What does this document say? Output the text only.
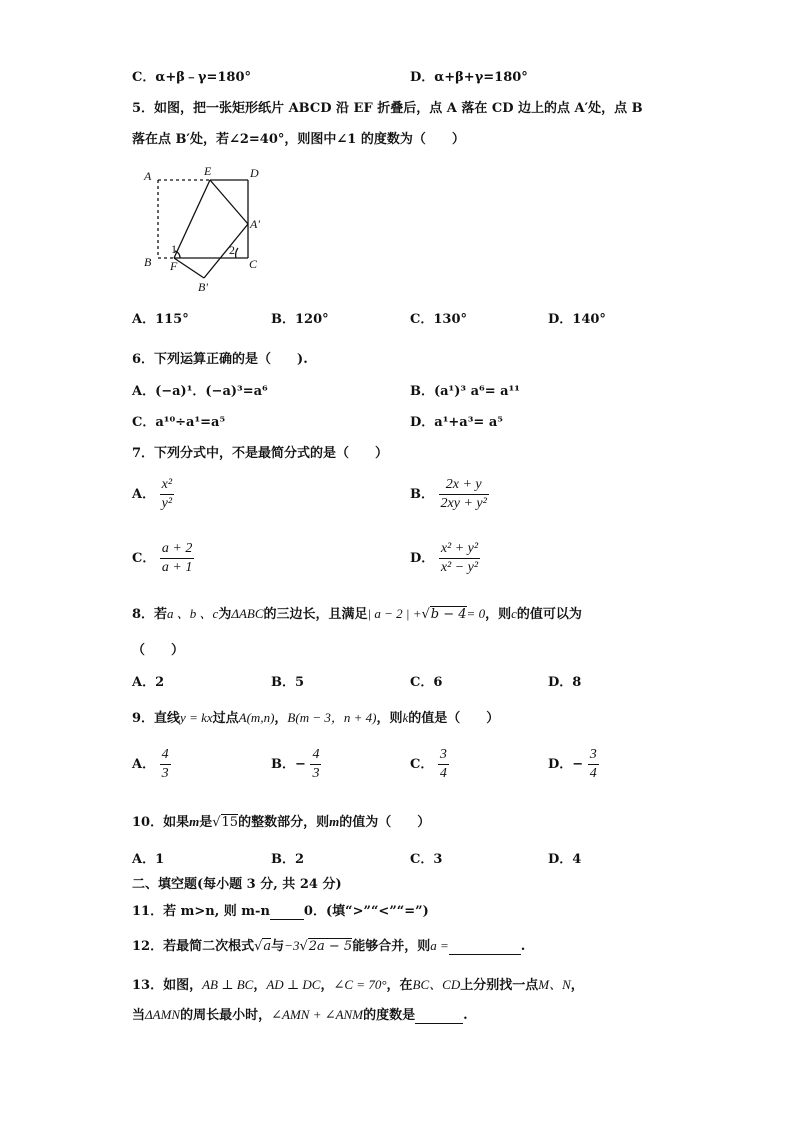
C．α+β﹣γ=180°	D．α+β+γ=180°
5．如图，把一张矩形纸片 ABCD 沿 EF 折叠后，点 A 落在 CD 边上的点 A′处，点 B
落在点 B′处，若∠2=40°，则图中∠1 的度数为（　　）
A	E	D
A'
B F	C
B'
1	2
A．115°	B．120°	C．130°	D．140°
6．下列运算正确的是（　　).
A．(−a)¹．(−a)³=a⁶	B．(a¹)³ a⁶= a¹¹
C．a¹⁰÷a¹=a⁵	D．a¹+a³= a⁵
7．下列分式中，不是最简分式的是（　　）
A． $\frac{\text{x²}}{\text{y²}}$	B． $\frac{2x + y}{\text{2xy + y²}}$
C． $\frac{a + 2}{a + 1}$	D． $\frac{\text{x² + y²}}{\text{x² − y²}}$
8．若a 、b 、c为ΔABC的三边长，且满足| a − 2 | +√b − 4= 0，则c的值可以为
（　　）
A．2	B．5	C．6	D．8
9．直线y = kx过点A(m,n)，B(m − 3，n + 4)，则k的值是（　　）
A． $\frac{4}{3}$	B．− $\frac{4}{3}$	C． $\frac{3}{4}$	D．− $\frac{3}{4}$
10．如果m是√15的整数部分，则m的值为（　　）
A．1	B．2	C．3	D．4
二、填空题(每小题 3 分, 共 24 分)
11．若 m>n, 则 m-n	0．(填“>”“<”“=”)
12．若最简二次根式√a与−3√2a − 5能够合并，则a =	.
13．如图，AB ⊥ BC，AD ⊥ DC，∠C = 70°，在BC、CD上分别找一点M、N，
当ΔAMN的周长最小时，∠AMN + ∠ANM的度数是	.
